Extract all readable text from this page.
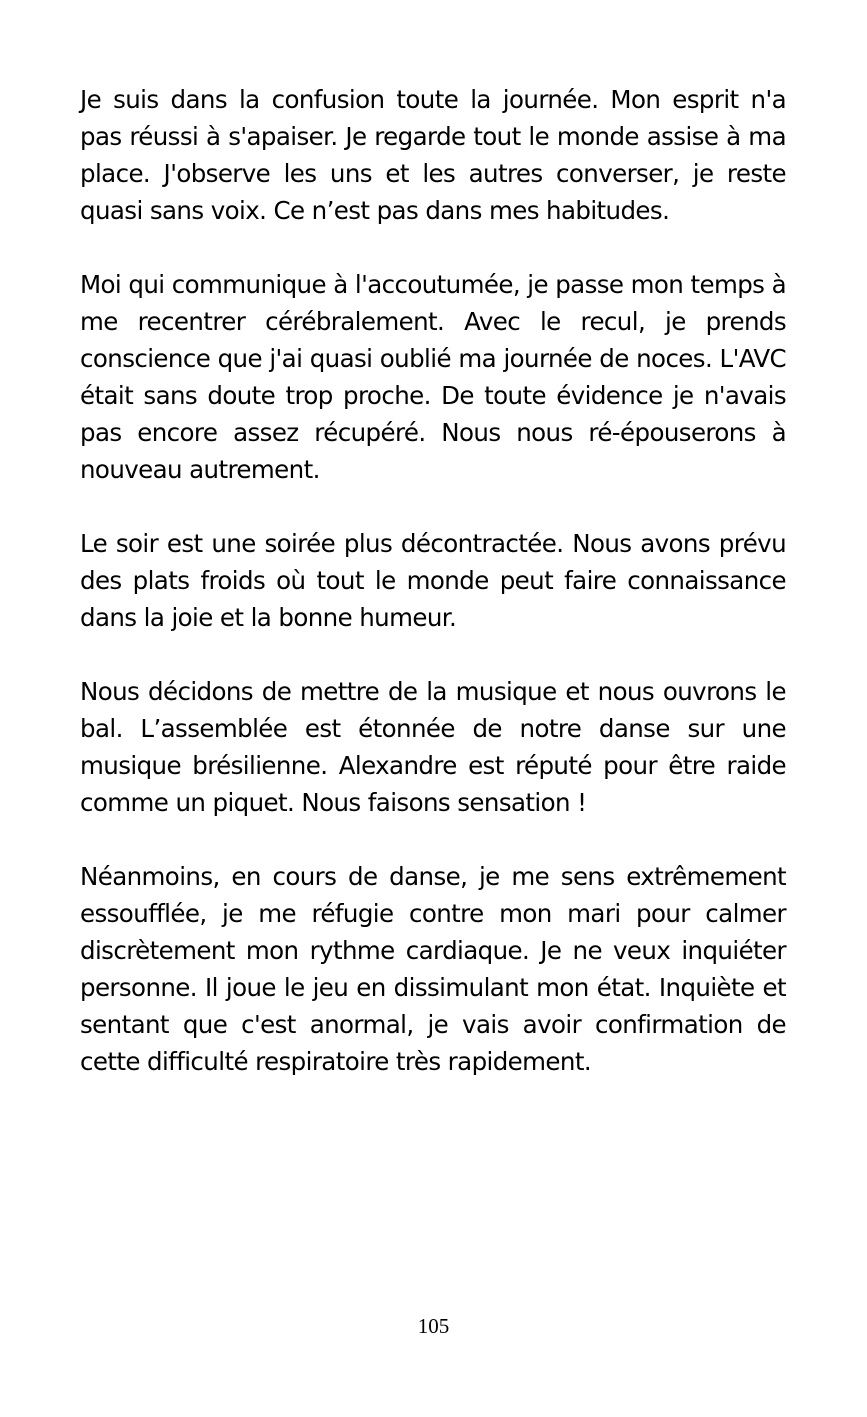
Je suis dans la confusion toute la journée. Mon esprit n'a pas réussi à s'apaiser. Je regarde tout le monde assise à ma place. J'observe les uns et les autres converser, je reste quasi sans voix. Ce n’est pas dans mes habitudes.

Moi qui communique à l'accoutumée, je passe mon temps à me recentrer cérébralement. Avec le recul, je prends conscience que j'ai quasi oublié ma journée de noces. L'AVC était sans doute trop proche. De toute évidence je n'avais pas encore assez récupéré. Nous nous ré-épouserons à nouveau autrement.

Le soir est une soirée plus décontractée. Nous avons prévu des plats froids où tout le monde peut faire connaissance dans la joie et la bonne humeur.

Nous décidons de mettre de la musique et nous ouvrons le bal. L’assemblée est étonnée de notre danse sur une musique brésilienne. Alexandre est réputé pour être raide comme un piquet. Nous faisons sensation !

Néanmoins, en cours de danse, je me sens extrêmement essoufflée, je me réfugie contre mon mari pour calmer discrètement mon rythme cardiaque. Je ne veux inquiéter personne. Il joue le jeu en dissimulant mon état. Inquiète et sentant que c'est anormal, je vais avoir confirmation de cette difficulté respiratoire très rapidement.

105
